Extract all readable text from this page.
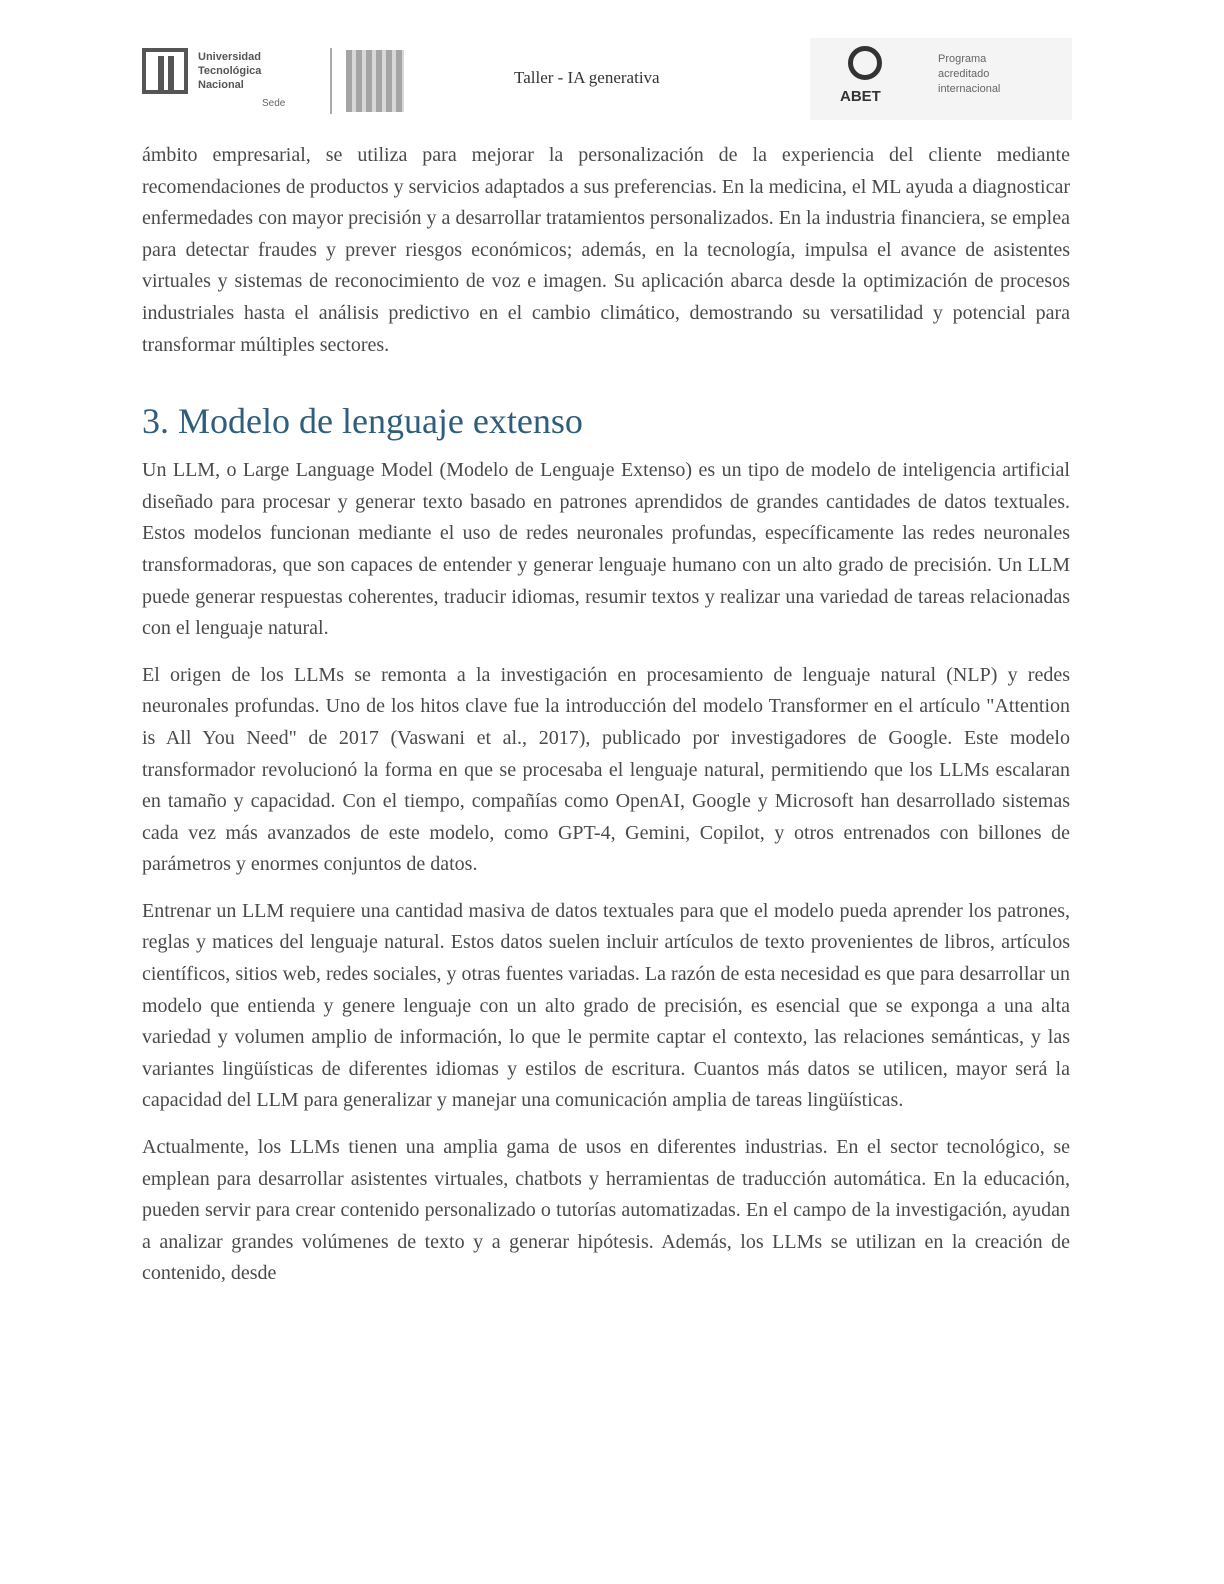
Universidad
Tecnológica
Nacional
Sede
Taller - IA generativa
ABET
Programa
acreditado
internacional

ámbito empresarial, se utiliza para mejorar la personalización de la experiencia del cliente mediante recomendaciones de productos y servicios adaptados a sus preferencias. En la medicina, el ML ayuda a diagnosticar enfermedades con mayor precisión y a desarrollar tratamientos personalizados. En la industria financiera, se emplea para detectar fraudes y prever riesgos económicos; además, en la tecnología, impulsa el avance de asistentes virtuales y sistemas de reconocimiento de voz e imagen. Su aplicación abarca desde la optimización de procesos industriales hasta el análisis predictivo en el cambio climático, demostrando su versatilidad y potencial para transformar múltiples sectores.

3. Modelo de lenguaje extenso

Un LLM, o Large Language Model (Modelo de Lenguaje Extenso) es un tipo de modelo de inteligencia artificial diseñado para procesar y generar texto basado en patrones aprendidos de grandes cantidades de datos textuales. Estos modelos funcionan mediante el uso de redes neuronales profundas, específicamente las redes neuronales transformadoras, que son capaces de entender y generar lenguaje humano con un alto grado de precisión. Un LLM puede generar respuestas coherentes, traducir idiomas, resumir textos y realizar una variedad de tareas relacionadas con el lenguaje natural.

El origen de los LLMs se remonta a la investigación en procesamiento de lenguaje natural (NLP) y redes neuronales profundas. Uno de los hitos clave fue la introducción del modelo Transformer en el artículo "Attention is All You Need" de 2017 (Vaswani et al., 2017), publicado por investigadores de Google. Este modelo transformador revolucionó la forma en que se procesaba el lenguaje natural, permitiendo que los LLMs escalaran en tamaño y capacidad. Con el tiempo, compañías como OpenAI, Google y Microsoft han desarrollado sistemas cada vez más avanzados de este modelo, como GPT-4, Gemini, Copilot, y otros entrenados con billones de parámetros y enormes conjuntos de datos.

Entrenar un LLM requiere una cantidad masiva de datos textuales para que el modelo pueda aprender los patrones, reglas y matices del lenguaje natural. Estos datos suelen incluir artículos de texto provenientes de libros, artículos científicos, sitios web, redes sociales, y otras fuentes variadas. La razón de esta necesidad es que para desarrollar un modelo que entienda y genere lenguaje con un alto grado de precisión, es esencial que se exponga a una alta variedad y volumen amplio de información, lo que le permite captar el contexto, las relaciones semánticas, y las variantes lingüísticas de diferentes idiomas y estilos de escritura. Cuantos más datos se utilicen, mayor será la capacidad del LLM para generalizar y manejar una comunicación amplia de tareas lingüísticas.

Actualmente, los LLMs tienen una amplia gama de usos en diferentes industrias. En el sector tecnológico, se emplean para desarrollar asistentes virtuales, chatbots y herramientas de traducción automática. En la educación, pueden servir para crear contenido personalizado o tutorías automatizadas. En el campo de la investigación, ayudan a analizar grandes volúmenes de texto y a generar hipótesis. Además, los LLMs se utilizan en la creación de contenido, desde
